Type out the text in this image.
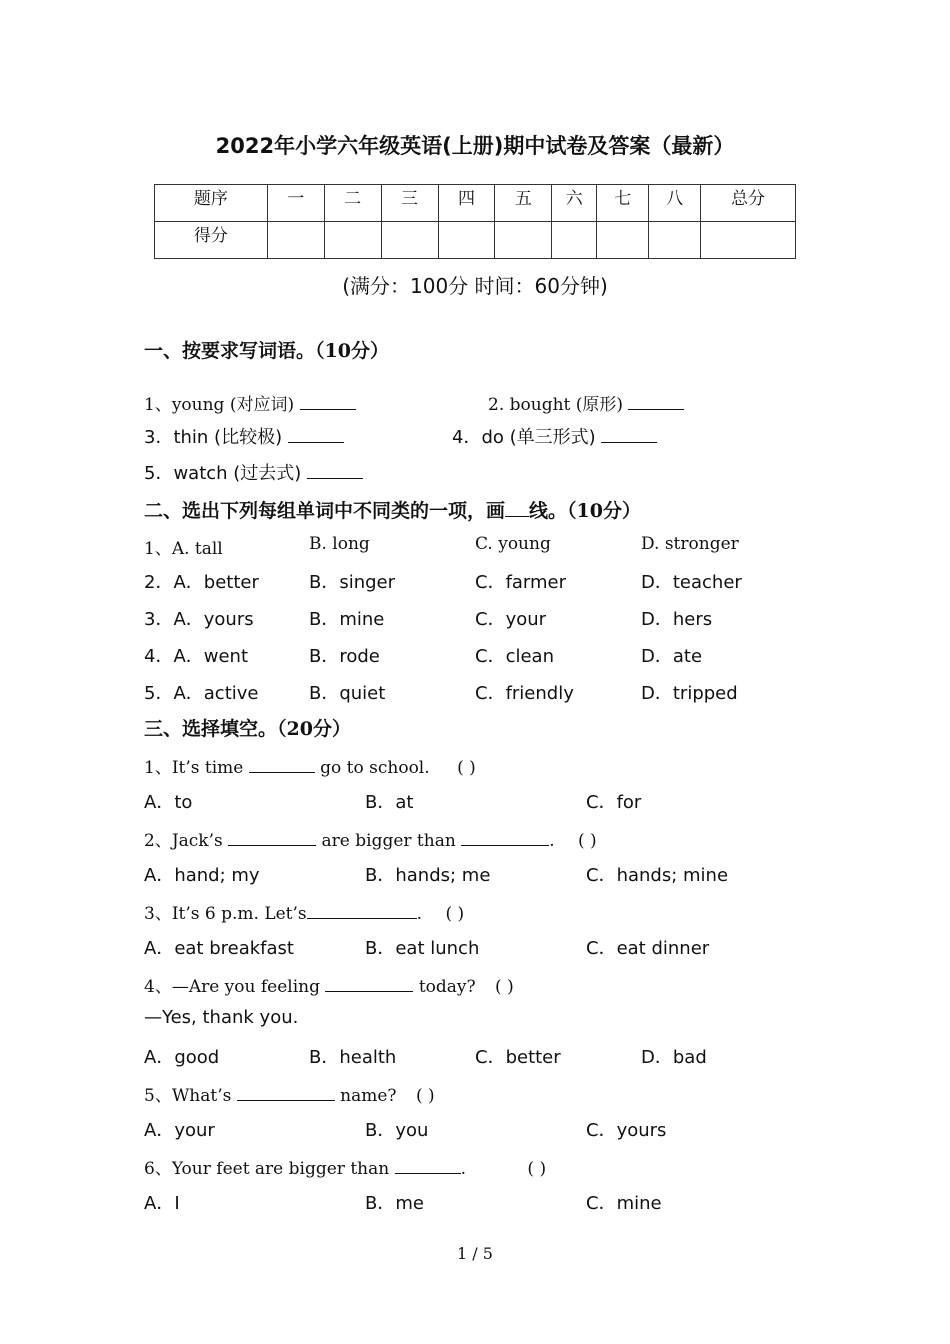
2022年小学六年级英语(上册)期中试卷及答案（最新）
题序	一	二	三	四	五	六	七	八	总分
得分									
(满分：100分 时间：60分钟)
一、按要求写词语。（10分）
1、young (对应词)	2. bought (原形)
3．thin (比较极)	4．do (单三形式)
5．watch (过去式)
二、选出下列每组单词中不同类的一项，画 线。（10分）
1、A. tall	B. long	C. young	D. stronger
2．A．better	B．singer	C．farmer	D．teacher
3．A．yours	B．mine	C．your	D．hers
4．A．went	B．rode	C．clean	D．ate
5．A．active	B．quiet	C．friendly	D．tripped
三、选择填空。（20分）
1、It’s time	go to school. ( )
A．to	B．at	C．for
2、Jack’s	are bigger than	. ( )
A．hand; my	B．hands; me	C．hands; mine
3、It’s 6 p.m. Let’s	. ( )
A．eat breakfast	B．eat lunch	C．eat dinner
4、—Are you feeling	today? ( )
—Yes, thank you.
A．good	B．health	C．better	D．bad
5、What’s	name? ( )
A．your	B．you	C．yours
6、Your feet are bigger than	.	( )
A．I	B．me	C．mine
1 / 5
